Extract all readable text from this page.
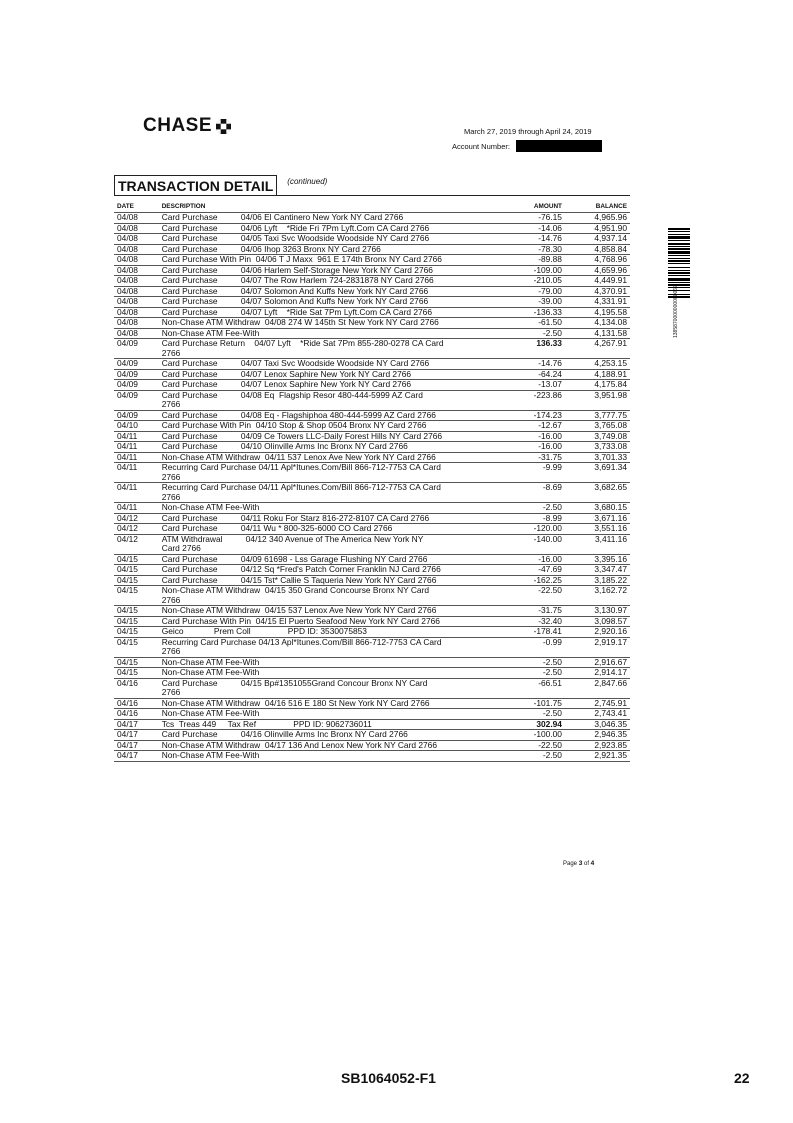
CHASE	March 27, 2019 through April 24, 2019
Account Number:
1385870000000000062
TRANSACTION DETAIL	(continued)
DATE	DESCRIPTION	AMOUNT	BALANCE
04/08	Card Purchase          04/06 El Cantinero New York NY Card 2766	-76.15	4,965.96
04/08	Card Purchase          04/06 Lyft    *Ride Fri 7Pm Lyft.Com CA Card 2766	-14.06	4,951.90
04/08	Card Purchase          04/05 Taxi Svc Woodside Woodside NY Card 2766	-14.76	4,937.14
04/08	Card Purchase          04/06 Ihop 3263 Bronx NY Card 2766	-78.30	4,858.84
04/08	Card Purchase With Pin  04/06 T J Maxx  961 E 174th Bronx NY Card 2766	-89.88	4,768.96
04/08	Card Purchase          04/06 Harlem Self-Storage New York NY Card 2766	-109.00	4,659.96
04/08	Card Purchase          04/07 The Row Harlem 724-2831878 NY Card 2766	-210.05	4,449.91
04/08	Card Purchase          04/07 Solomon And Kuffs New York NY Card 2766	-79.00	4,370.91
04/08	Card Purchase          04/07 Solomon And Kuffs New York NY Card 2766	-39.00	4,331.91
04/08	Card Purchase          04/07 Lyft    *Ride Sat 7Pm Lyft.Com CA Card 2766	-136.33	4,195.58
04/08	Non-Chase ATM Withdraw  04/08 274 W 145th St New York NY Card 2766	-61.50	4,134.08
04/08	Non-Chase ATM Fee-With	-2.50	4,131.58
04/09	Card Purchase Return    04/07 Lyft    *Ride Sat 7Pm 855-280-0278 CA Card
2766	136.33	4,267.91
04/09	Card Purchase          04/07 Taxi Svc Woodside Woodside NY Card 2766	-14.76	4,253.15
04/09	Card Purchase          04/07 Lenox Saphire New York NY Card 2766	-64.24	4,188.91
04/09	Card Purchase          04/07 Lenox Saphire New York NY Card 2766	-13.07	4,175.84
04/09	Card Purchase          04/08 Eq  Flagship Resor 480-444-5999 AZ Card
2766	-223.86	3,951.98
04/09	Card Purchase          04/08 Eq - Flagshiphoa 480-444-5999 AZ Card 2766	-174.23	3,777.75
04/10	Card Purchase With Pin  04/10 Stop & Shop 0504 Bronx NY Card 2766	-12.67	3,765.08
04/11	Card Purchase          04/09 Ce Towers LLC-Daily Forest Hills NY Card 2766	-16.00	3,749.08
04/11	Card Purchase          04/10 Olinville Arms Inc Bronx NY Card 2766	-16.00	3,733.08
04/11	Non-Chase ATM Withdraw  04/11 537 Lenox Ave New York NY Card 2766	-31.75	3,701.33
04/11	Recurring Card Purchase 04/11 Apl*Itunes.Com/Bill 866-712-7753 CA Card
2766	-9.99	3,691.34
04/11	Recurring Card Purchase 04/11 Apl*Itunes.Com/Bill 866-712-7753 CA Card
2766	-8.69	3,682.65
04/11	Non-Chase ATM Fee-With	-2.50	3,680.15
04/12	Card Purchase          04/11 Roku For Starz 816-272-8107 CA Card 2766	-8.99	3,671.16
04/12	Card Purchase          04/11 Wu * 800-325-6000 CO Card 2766	-120.00	3,551.16
04/12	ATM Withdrawal          04/12 340 Avenue of The America New York NY
Card 2766	-140.00	3,411.16
04/15	Card Purchase          04/09 61698 - Lss Garage Flushing NY Card 2766	-16.00	3,395.16
04/15	Card Purchase          04/12 Sq *Fred's Patch Corner Franklin NJ Card 2766	-47.69	3,347.47
04/15	Card Purchase          04/15 Tst* Callie S Taqueria New York NY Card 2766	-162.25	3,185.22
04/15	Non-Chase ATM Withdraw  04/15 350 Grand Concourse Bronx NY Card
2766	-22.50	3,162.72
04/15	Non-Chase ATM Withdraw  04/15 537 Lenox Ave New York NY Card 2766	-31.75	3,130.97
04/15	Card Purchase With Pin  04/15 El Puerto Seafood New York NY Card 2766	-32.40	3,098.57
04/15	Geico             Prem Coll                PPD ID: 3530075853	-178.41	2,920.16
04/15	Recurring Card Purchase 04/13 Apl*Itunes.Com/Bill 866-712-7753 CA Card
2766	-0.99	2,919.17
04/15	Non-Chase ATM Fee-With	-2.50	2,916.67
04/15	Non-Chase ATM Fee-With	-2.50	2,914.17
04/16	Card Purchase          04/15 Bp#1351055Grand Concour Bronx NY Card
2766	-66.51	2,847.66
04/16	Non-Chase ATM Withdraw  04/16 516 E 180 St New York NY Card 2766	-101.75	2,745.91
04/16	Non-Chase ATM Fee-With	-2.50	2,743.41
04/17	Tcs  Treas 449     Tax Ref                PPD ID: 9062736011	302.94	3,046.35
04/17	Card Purchase          04/16 Olinville Arms Inc Bronx NY Card 2766	-100.00	2,946.35
04/17	Non-Chase ATM Withdraw  04/17 136 And Lenox New York NY Card 2766	-22.50	2,923.85
04/17	Non-Chase ATM Fee-With	-2.50	2,921.35
Page 3 of 4
SB1064052-F1	22
